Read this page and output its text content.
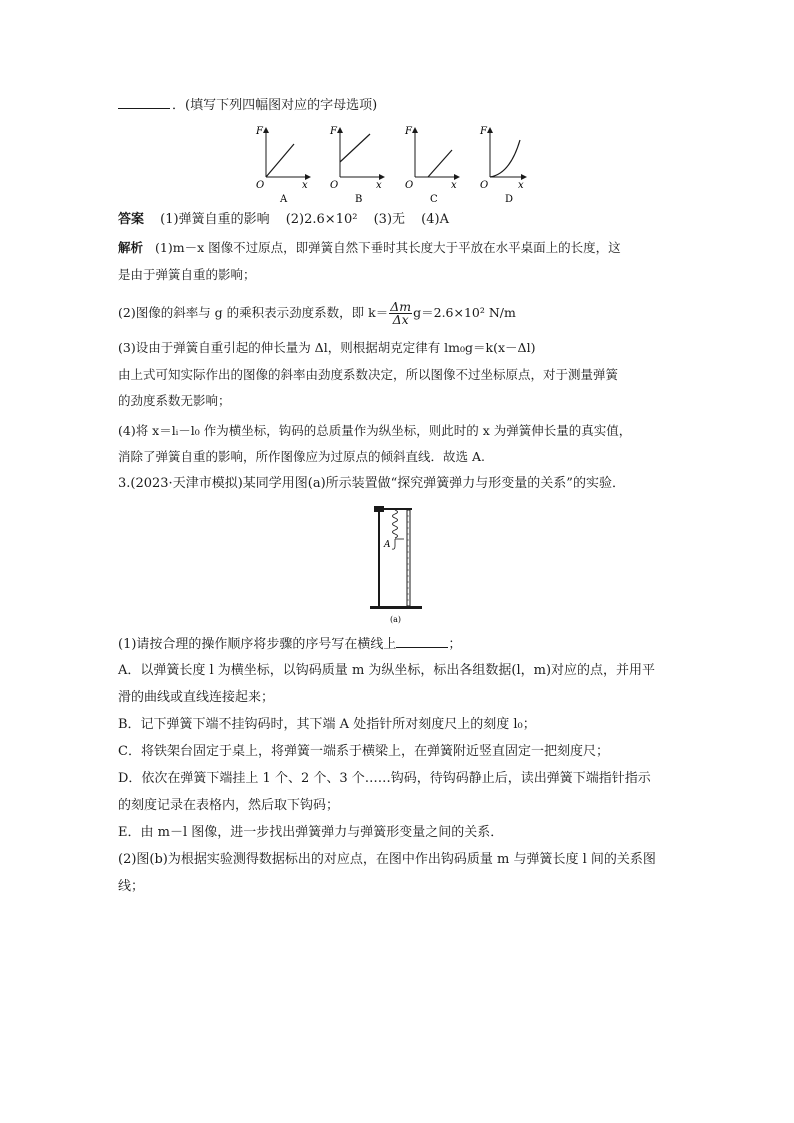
．(填写下列四幅图对应的字母选项)
F
x
O
A
F
x
O
B
F
x
O
C
F
x
O
D
答案 (1)弹簧自重的影响 (2)2.6×10² (3)无 (4)A
解析 (1)m－x 图像不过原点，即弹簧自然下垂时其长度大于平放在水平桌面上的长度，这
是由于弹簧自重的影响；
(2)图像的斜率与 g 的乘积表示劲度系数，即 $k= \frac{\Delta m}{\Delta x} g=2.6\times 10^2$ N/m
(3)设由于弹簧自重引起的伸长量为 Δl，则根据胡克定律有 lm₀g＝k(x－Δl)
由上式可知实际作出的图像的斜率由劲度系数决定，所以图像不过坐标原点，对于测量弹簧
的劲度系数无影响；
(4)将 x＝lᵢ－l₀ 作为横坐标，钩码的总质量作为纵坐标，则此时的 x 为弹簧伸长量的真实值，
消除了弹簧自重的影响，所作图像应为过原点的倾斜直线．故选 A.
3.(2023·天津市模拟)某同学用图(a)所示装置做“探究弹簧弹力与形变量的关系”的实验．
A
(a)
(1)请按合理的操作顺序将步骤的序号写在横线上	；
A．以弹簧长度 l 为横坐标，以钩码质量 m 为纵坐标，标出各组数据(l，m)对应的点，并用平
滑的曲线或直线连接起来；
B．记下弹簧下端不挂钩码时，其下端 A 处指针所对刻度尺上的刻度 l₀；
C．将铁架台固定于桌上，将弹簧一端系于横梁上，在弹簧附近竖直固定一把刻度尺；
D．依次在弹簧下端挂上 1 个、2 个、3 个……钩码，待钩码静止后，读出弹簧下端指针指示
的刻度记录在表格内，然后取下钩码；
E．由 m－l 图像，进一步找出弹簧弹力与弹簧形变量之间的关系．
(2)图(b)为根据实验测得数据标出的对应点，在图中作出钩码质量 m 与弹簧长度 l 间的关系图
线；
